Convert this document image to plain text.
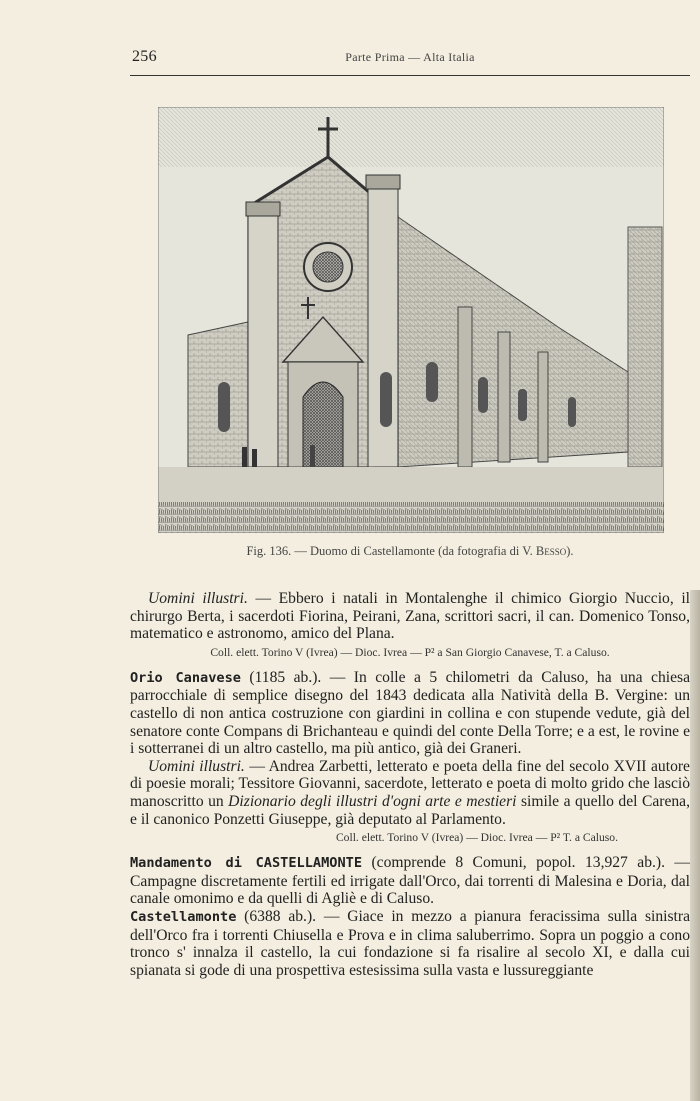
256	Parte Prima — Alta Italia
Fig. 136. — Duomo di Castellamonte (da fotografia di V. Besso).

Uomini illustri. — Ebbero i natali in Montalenghe il chimico Giorgio Nuccio, il chirurgo Berta, i sacerdoti Fiorina, Peirani, Zana, scrittori sacri, il can. Domenico Tonso, matematico e astronomo, amico del Plana.

Coll. elett. Torino V (Ivrea) — Dioc. Ivrea — P² a San Giorgio Canavese, T. a Caluso.

Orio Canavese (1185 ab.). — In colle a 5 chilometri da Caluso, ha una chiesa parrocchiale di semplice disegno del 1843 dedicata alla Natività della B. Vergine: un castello di non antica costruzione con giardini in collina e con stupende vedute, già del senatore conte Compans di Brichanteau e quindi del conte Della Torre; e a est, le rovine e i sotterranei di un altro castello, ma più antico, già dei Graneri.

Uomini illustri. — Andrea Zarbetti, letterato e poeta della fine del secolo XVII autore di poesie morali; Tessitore Giovanni, sacerdote, letterato e poeta di molto grido che lasciò manoscritto un Dizionario degli illustri d'ogni arte e mestieri simile a quello del Carena, e il canonico Ponzetti Giuseppe, già deputato al Parlamento.

Coll. elett. Torino V (Ivrea) — Dioc. Ivrea — P² T. a Caluso.

Mandamento di CASTELLAMONTE (comprende 8 Comuni, popol. 13,927 ab.). — Campagne discretamente fertili ed irrigate dall'Orco, dai torrenti di Malesina e Doria, dal canale omonimo e da quelli di Agliè e di Caluso.

Castellamonte (6388 ab.). — Giace in mezzo a pianura feracissima sulla sinistra dell'Orco fra i torrenti Chiusella e Prova e in clima saluberrimo. Sopra un poggio a cono tronco s' innalza il castello, la cui fondazione si fa risalire al secolo XI, e dalla cui spianata si gode di una prospettiva estesissima sulla vasta e lussureggiante
